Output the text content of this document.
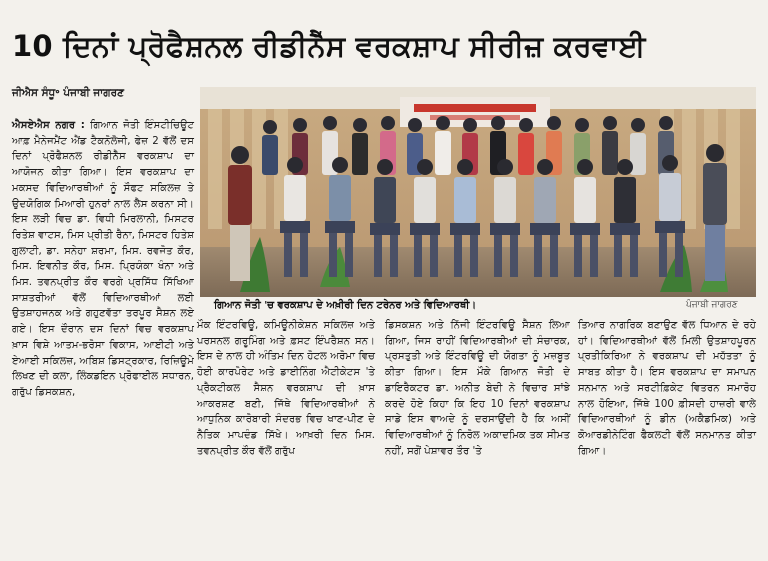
10 ਦਿਨਾਂ ਪ੍ਰੋਫੈਸ਼ਨਲ ਰੀਡੀਨੈੱਸ ਵਰਕਸ਼ਾਪ ਸੀਰੀਜ਼ ਕਰਵਾਈ
ਜੀਐਸ ਸੰਧੂ॰ ਪੰਜਾਬੀ ਜਾਗਰਣ
ਐਸਏਐਸ ਨਗਰ : ਗਿਆਨ ਜੋਤੀ ਇੰਸਟੀਚਿਊਟ ਆਫ਼ ਮੈਨੇਜਮੈਂਟ ਐਂਡ ਟੈਕਨੋਲੋਜੀ, ਫੇਜ਼ 2 ਵੱਲੋਂ ਦਸ ਦਿਨਾਂ ਪ੍ਰੋਫੈਸ਼ਨਲ ਰੀਡੀਨੈੱਸ ਵਰਕਸ਼ਾਪ ਦਾ ਆਯੋਜਨ ਕੀਤਾ ਗਿਆ। ਇਸ ਵਰਕਸ਼ਾਪ ਦਾ ਮਕਸਦ ਵਿਦਿਆਰਥੀਆਂ ਨੂੰ ਸੌਫਟ ਸਕਿਲਜ਼ ਤੇ ਉਦਯੋਗਿਕ ਮਿਆਰੀ ਹੁਨਰਾਂ ਨਾਲ ਲੈਸ ਕਰਨਾ ਸੀ। ਇਸ ਲੜੀ ਵਿਚ ਡਾ. ਵਿਧੀ ਮਿਰਲਾਨੀ, ਮਿਸਟਰ ਰਿਤੇਸ਼ ਵਾਟਸ, ਮਿਸ ਪ੍ਰੀਤੀ ਰੈਨਾ, ਮਿਸਟਰ ਹਿਤੇਸ਼ ਗੁਲਾਟੀ, ਡਾ. ਸਨੇਹਾ ਸ਼ਰਮਾ, ਮਿਸ. ਰਵਜੋਤ ਕੌਰ, ਮਿਸ. ਇਵਨੀਤ ਕੌਰ, ਮਿਸ. ਪ੍ਰਿਯੰਕਾ ਖੰਨਾ ਅਤੇ ਮਿਸ. ਤਵਨਪ੍ਰੀਤ ਕੌਰ ਵਰਗੇ ਪ੍ਰਸਿੱਧ ਸਿੱਖਿਆ ਸਾਸ਼ਤਰੀਆਂ ਵੱਲੋਂ ਵਿਦਿਆਰਥੀਆਂ ਲਈ ਉਤਸ਼ਾਹਜਨਕ ਅਤੇ ਗਹੁਣਵੱਤਾ ਤਰਪੂਰ ਸੈਸ਼ਨ ਲਏ ਗਏ। ਇਸ ਦੌਰਾਨ ਦਸ ਦਿਨਾਂ ਵਿਚ ਵਰਕਸ਼ਾਪ ਖ਼ਾਸ ਵਿਸ਼ੇ ਆਤਮ-ਭਰੋਸਾ ਵਿਕਾਸ, ਆਈਟੀ ਅਤੇ ਏਆਈ ਸਕਿਲਜ਼, ਅਬਿਸ਼ ਡਿਸਟ੍ਰਕਾਰ, ਰਿਜ਼ਿਊਮੇ ਲਿਖਣ ਦੀ ਕਲਾ, ਲਿੰਕਡਇਨ ਪ੍ਰੋਫਾਈਲ ਸਧਾਰਨ, ਗਰੁੱਪ ਡਿਸਕਸ਼ਨ,
ਗਿਆਨ ਜੋਤੀ 'ਚ ਵਰਕਸ਼ਾਪ ਦੇ ਅਖ਼ੀਰੀ ਦਿਨ ਟਰੇਨਰ ਅਤੇ ਵਿਦਿਆਰਥੀ।	ਪੰਜਾਬੀ ਜਾਗਰਣ
ਮੌਕ ਇੰਟਰਵਿਊ, ਕਮਿਊਨੀਕੇਸ਼ਨ ਸਕਿਲਜ਼ ਅਤੇ ਪਰਸਨਲ ਗਰੂਮਿੰਗ ਅਤੇ ਫ਼ਸਟ ਇੰਪਰੈਸ਼ਨ ਸਨ। ਇਸ ਦੇ ਨਾਲ ਹੀ ਅੰਤਿਮ ਦਿਨ ਹੋਟਲ ਅਰੋਮਾ ਵਿਚ ਹੋਈ ਕਾਰਪੋਰੇਟ ਅਤੇ ਡਾਈਨਿੰਗ ਐਟੀਕੇਟਸ 'ਤੇ ਪ੍ਰੈਕਟੀਕਲ ਸੈਸ਼ਨ ਵਰਕਸ਼ਾਪ ਦੀ ਖ਼ਾਸ ਆਕਰਸ਼ਣ ਬਣੀ, ਜਿੱਥੇ ਵਿਦਿਆਰਥੀਆਂ ਨੇ ਆਧੁਨਿਕ ਕਾਰੋਬਾਰੀ ਸੰਦਰਭ ਵਿਚ ਖਾਣ-ਪੀਣ ਦੇ ਨੈਤਿਕ ਮਾਪਦੰਡ ਸਿੱਖੇ। ਆਖ਼ਰੀ ਦਿਨ ਮਿਸ. ਤਵਨਪ੍ਰੀਤ ਕੌਰ ਵੱਲੋਂ ਗਰੁੱਪ
ਡਿਸਕਸ਼ਨ ਅਤੇ ਨਿੱਜੀ ਇੰਟਰਵਿਊ ਸੈਸ਼ਨ ਲਿਆ ਗਿਆ, ਜਿਸ ਰਾਹੀਂ ਵਿਦਿਆਰਥੀਆਂ ਦੀ ਸੰਚਾਰਕ, ਪ੍ਰਸਤੁਤੀ ਅਤੇ ਇੰਟਰਵਿਊ ਦੀ ਯੋਗਤਾ ਨੂੰ ਮਜ਼ਬੂਤ ਕੀਤਾ ਗਿਆ। ਇਸ ਮੌਕੇ ਗਿਆਨ ਜੋਤੀ ਦੇ ਡਾਇਰੈਕਟਰ ਡਾ. ਅਨੀਤ ਬੇਦੀ ਨੇ ਵਿਚਾਰ ਸਾਂਝੇ ਕਰਦੇ ਹੋਏ ਕਿਹਾ ਕਿ ਇਹ 10 ਦਿਨਾਂ ਵਰਕਸ਼ਾਪ ਸਾਡੇ ਇਸ ਵਾਅਦੇ ਨੂੰ ਦਰਸਾਉਂਦੀ ਹੈ ਕਿ ਅਸੀਂ ਵਿਦਿਆਰਥੀਆਂ ਨੂੰ ਨਿਰੋਲ ਅਕਾਦਮਿਕ ਤਕ ਸੀਮਤ ਨਹੀਂ, ਸਗੋਂ ਪੇਸ਼ਾਵਰ ਤੌਰ 'ਤੇ
ਤਿਆਰ ਨਾਗਰਿਕ ਬਣਾਉਣ ਵੱਲ ਧਿਆਨ ਦੇ ਰਹੇ ਹਾਂ। ਵਿਦਿਆਰਥੀਆਂ ਵੱਲੋਂ ਮਿਲੀ ਉਤਸ਼ਾਹਪੂਰਨ ਪ੍ਰਤੀਕਿਰਿਆ ਨੇ ਵਰਕਸ਼ਾਪ ਦੀ ਮਹੱਤਤਾ ਨੂੰ ਸਾਬਤ ਕੀਤਾ ਹੈ। ਇਸ ਵਰਕਸ਼ਾਪ ਦਾ ਸਮਾਪਨ ਸਨਮਾਨ ਅਤੇ ਸਰਟੀਫ਼ਿਕੇਟ ਵਿਤਰਨ ਸਮਾਰੋਹ ਨਾਲ ਹੋਇਆ, ਜਿੱਥੇ 100 ਫ਼ੀਸਦੀ ਹਾਜ਼ਰੀ ਵਾਲੇ ਵਿਦਿਆਰਥੀਆਂ ਨੂੰ ਡੀਨ (ਅਕੈਡਮਿਕ) ਅਤੇ ਕੋਆਰਡੀਨੇਟਿੰਗ ਫੈਕਲਟੀ ਵੱਲੋਂ ਸਨਮਾਨਤ ਕੀਤਾ ਗਿਆ।
